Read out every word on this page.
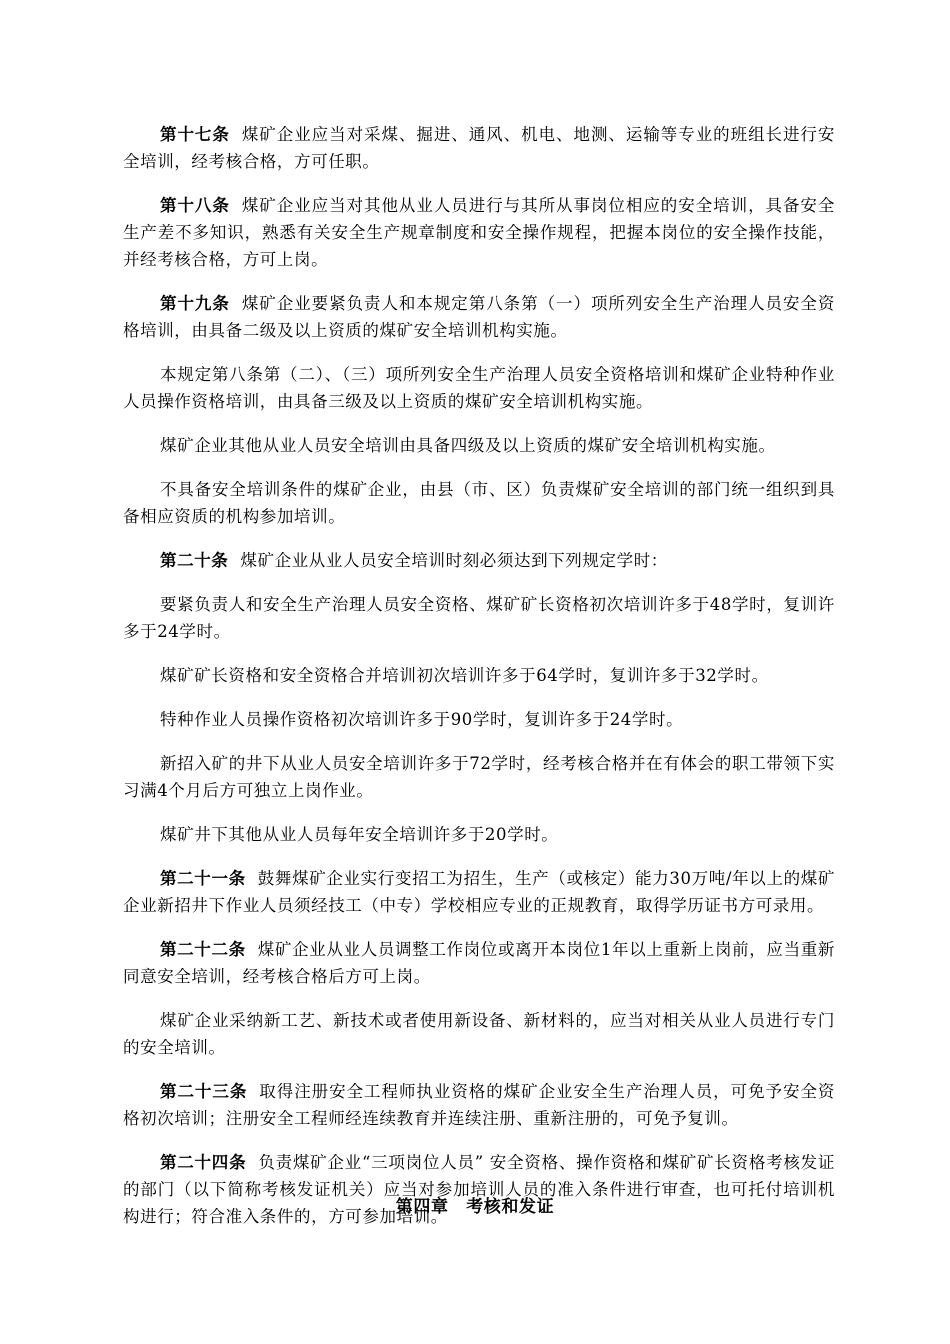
第十七条 煤矿企业应当对采煤、掘进、通风、机电、地测、运输等专业的班组长进行安全培训，经考核合格，方可任职。

第十八条 煤矿企业应当对其他从业人员进行与其所从事岗位相应的安全培训，具备安全生产差不多知识，熟悉有关安全生产规章制度和安全操作规程，把握本岗位的安全操作技能，并经考核合格，方可上岗。

第十九条 煤矿企业要紧负责人和本规定第八条第（一）项所列安全生产治理人员安全资格培训，由具备二级及以上资质的煤矿安全培训机构实施。

本规定第八条第（二）、（三）项所列安全生产治理人员安全资格培训和煤矿企业特种作业人员操作资格培训，由具备三级及以上资质的煤矿安全培训机构实施。

煤矿企业其他从业人员安全培训由具备四级及以上资质的煤矿安全培训机构实施。

不具备安全培训条件的煤矿企业，由县（市、区）负责煤矿安全培训的部门统一组织到具备相应资质的机构参加培训。

第二十条 煤矿企业从业人员安全培训时刻必须达到下列规定学时：

要紧负责人和安全生产治理人员安全资格、煤矿矿长资格初次培训许多于48学时，复训许多于24学时。

煤矿矿长资格和安全资格合并培训初次培训许多于64学时，复训许多于32学时。

特种作业人员操作资格初次培训许多于90学时，复训许多于24学时。

新招入矿的井下从业人员安全培训许多于72学时，经考核合格并在有体会的职工带领下实习满4个月后方可独立上岗作业。

煤矿井下其他从业人员每年安全培训许多于20学时。

第二十一条 鼓舞煤矿企业实行变招工为招生，生产（或核定）能力30万吨/年以上的煤矿企业新招井下作业人员须经技工（中专）学校相应专业的正规教育，取得学历证书方可录用。

第二十二条 煤矿企业从业人员调整工作岗位或离开本岗位1年以上重新上岗前，应当重新同意安全培训，经考核合格后方可上岗。

煤矿企业采纳新工艺、新技术或者使用新设备、新材料的，应当对相关从业人员进行专门的安全培训。

第二十三条 取得注册安全工程师执业资格的煤矿企业安全生产治理人员，可免予安全资格初次培训；注册安全工程师经连续教育并连续注册、重新注册的，可免予复训。

第二十四条 负责煤矿企业“三项岗位人员” 安全资格、操作资格和煤矿矿长资格考核发证的部门（以下简称考核发证机关）应当对参加培训人员的准入条件进行审查，也可托付培训机构进行；符合准入条件的，方可参加培训。

第四章　考核和发证
